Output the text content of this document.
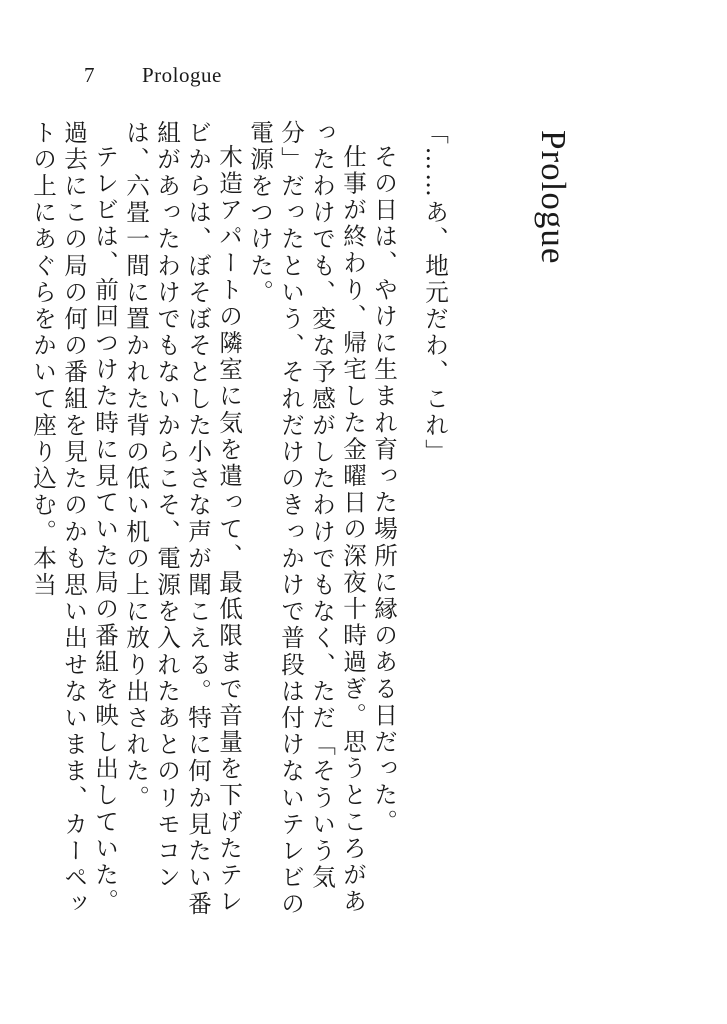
7	Prologue
Prologue

「……あ、地元だわ、これ」

その日は、やけに生まれ育った場所に縁のある日だった。

仕事が終わり、帰宅した金曜日の深夜十時過ぎ。思うところがあったわけでも、変な予感がしたわけでもなく、ただ「そういう気分」だったという、それだけのきっかけで普段は付けないテレビの電源をつけた。

木造アパートの隣室に気を遣って、最低限まで音量を下げたテレビからは、ぼそぼそとした小さな声が聞こえる。特に何か見たい番組があったわけでもないからこそ、電源を入れたあとのリモコンは、六畳一間に置かれた背の低い机の上に放り出された。

テレビは、前回つけた時に見ていた局の番組を映し出していた。過去にこの局の何の番組を見たのかも思い出せないまま、カーペットの上にあぐらをかいて座り込む。本当
